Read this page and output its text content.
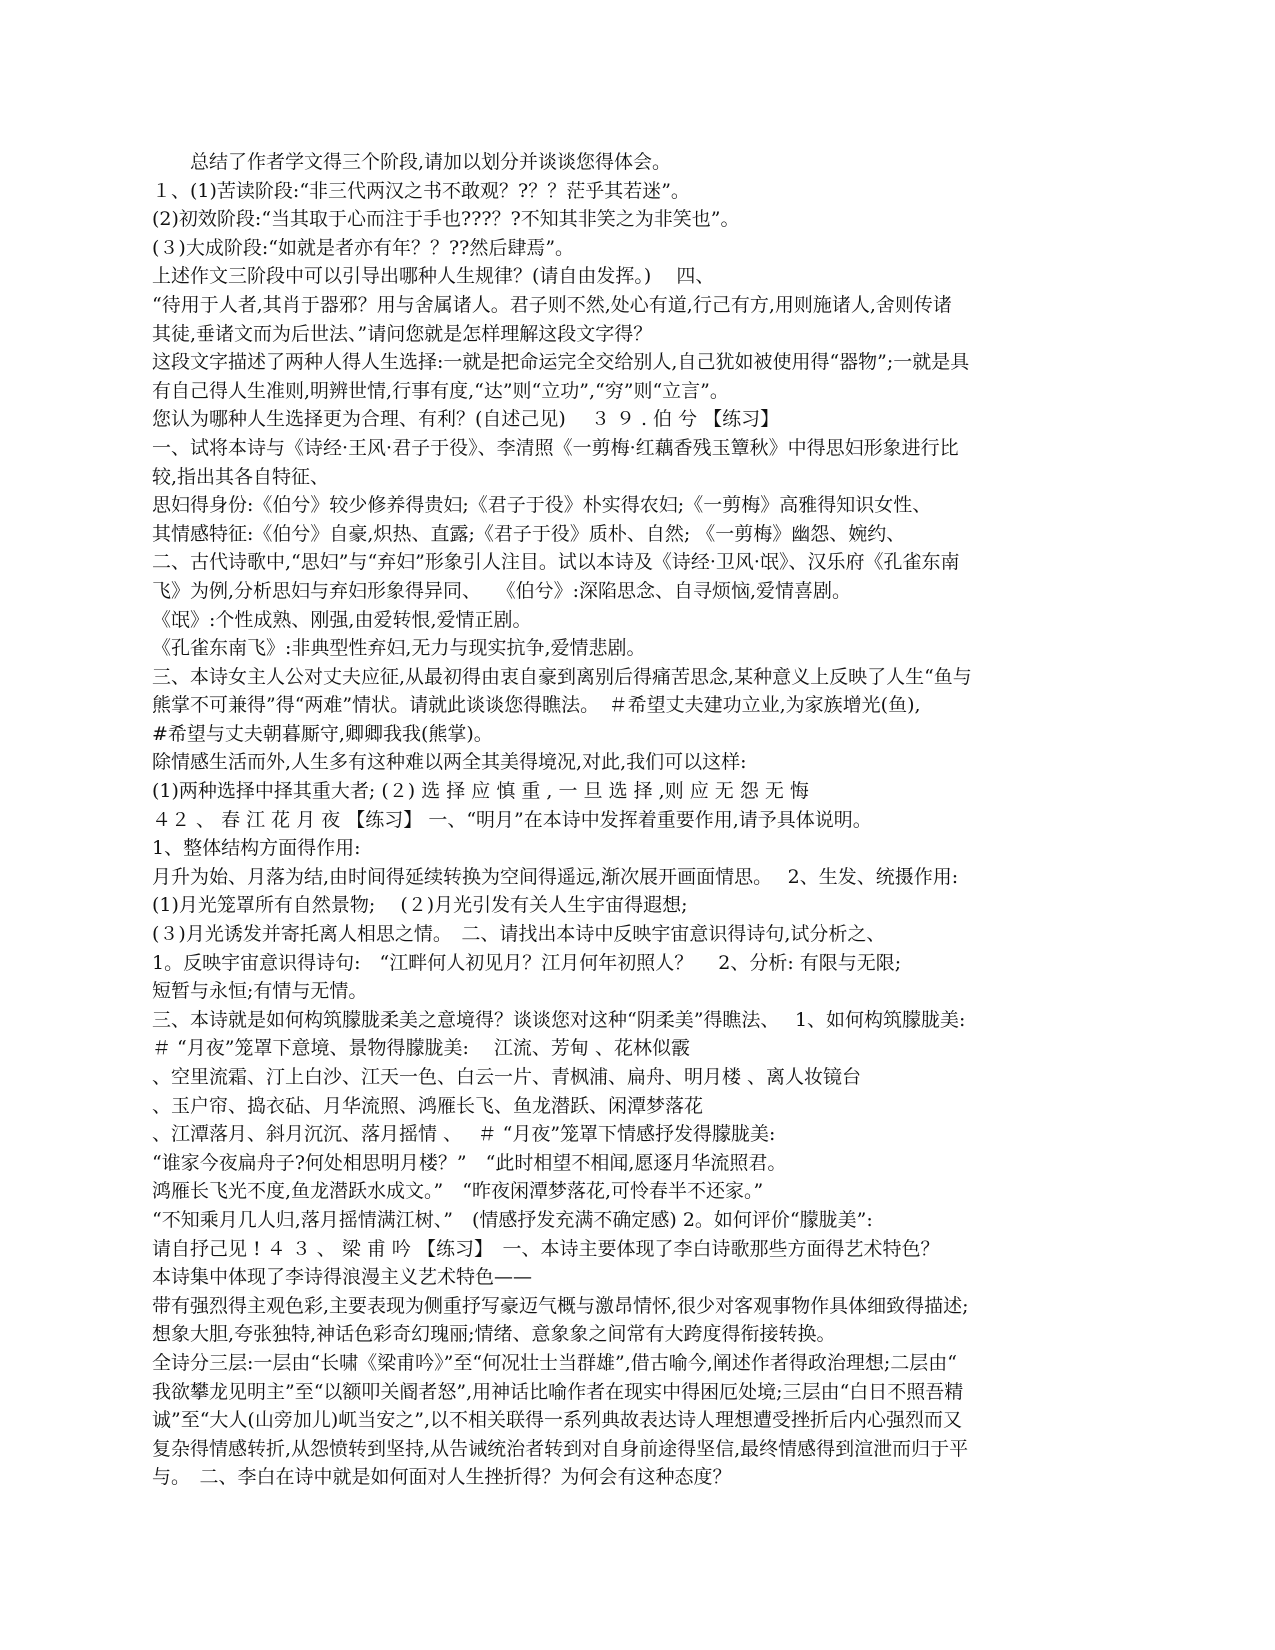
　　总结了作者学文得三个阶段,请加以划分并谈谈您得体会。
１、(1)苦读阶段:“非三代两汉之书不敢观？?？？茫乎其若迷”。
(2)初效阶段:“当其取于心而注于手也???？?不知其非笑之为非笑也”。
(３)大成阶段:“如就是者亦有年？？??然后肆焉”。
上述作文三阶段中可以引导出哪种人生规律？(请自由发挥。)　 四、
“待用于人者,其肖于器邪？用与舍属诸人。君子则不然,处心有道,行己有方,用则施诸人,舍则传诸
其徒,垂诸文而为后世法、”请问您就是怎样理解这段文字得？
这段文字描述了两种人得人生选择:一就是把命运完全交给别人,自己犹如被使用得“器物”;一就是具
有自己得人生准则,明辨世情,行事有度,“达”则“立功”,“穷”则“立言”。
您认为哪种人生选择更为合理、有利？(自述己见)　 ３ ９ . 伯 兮 【练习】
一、试将本诗与《诗经·王风·君子于役》、李清照《一剪梅·红藕香残玉簟秋》中得思妇形象进行比
较,指出其各自特征、
思妇得身份:《伯兮》较少修养得贵妇;《君子于役》朴实得农妇;《一剪梅》高雅得知识女性、
其情感特征:《伯兮》自豪,炽热、直露;《君子于役》质朴、自然; 《一剪梅》幽怨、婉约、
二、古代诗歌中,“思妇”与“弃妇”形象引人注目。试以本诗及《诗经·卫风·氓》、汉乐府《孔雀东南
飞》为例,分析思妇与弃妇形象得异同、　 《伯兮》:深陷思念、自寻烦恼,爱情喜剧。
《氓》:个性成熟、刚强,由爱转恨,爱情正剧。
《孔雀东南飞》:非典型性弃妇,无力与现实抗争,爱情悲剧。
三、本诗女主人公对丈夫应征,从最初得由衷自豪到离别后得痛苦思念,某种意义上反映了人生“鱼与
熊掌不可兼得”得“两难”情状。请就此谈谈您得瞧法。　＃希望丈夫建功立业,为家族增光(鱼),
#希望与丈夫朝暮厮守,卿卿我我(熊掌)。
除情感生活而外,人生多有这种难以两全其美得境况,对此,我们可以这样:
(1)两种选择中择其重大者; (２) 选 择 应 慎 重 , 一 旦 选 择 ,则 应 无 怨 无 悔
４２ 、 春 江 花 月 夜 【练习】 一、“明月”在本诗中发挥着重要作用,请予具体说明。
1、整体结构方面得作用:
月升为始、月落为结,由时间得延续转换为空间得遥远,渐次展开画面情思。　 2、生发、统摄作用:
(1)月光笼罩所有自然景物;　 (２)月光引发有关人生宇宙得遐想;
(３)月光诱发并寄托离人相思之情。　二、请找出本诗中反映宇宙意识得诗句,试分析之、
1。反映宇宙意识得诗句:　“江畔何人初见月？江月何年初照人？　 2、分析: 有限与无限;
短暂与永恒;有情与无情。
三、本诗就是如何构筑朦胧柔美之意境得？谈谈您对这种“阴柔美”得瞧法、　 1、如何构筑朦胧美:
＃ “月夜”笼罩下意境、景物得朦胧美:　 江流、芳甸 、花林似霰
、空里流霜、汀上白沙、江天一色、白云一片、青枫浦、扁舟、明月楼 、离人妆镜台
、玉户帘、捣衣砧、月华流照、鸿雁长飞、鱼龙潜跃、闲潭梦落花
、江潭落月、斜月沉沉、落月摇情 、　 ＃ “月夜”笼罩下情感抒发得朦胧美:
“谁家今夜扁舟子?何处相思明月楼？”　“此时相望不相闻,愿逐月华流照君。
鸿雁长飞光不度,鱼龙潜跃水成文。”　“昨夜闲潭梦落花,可怜春半不还家。”
“不知乘月几人归,落月摇情满江树、”　(情感抒发充满不确定感) 2。如何评价“朦胧美”:
请自抒己见 ! ４ ３ 、 梁 甫 吟 【练习】　一、本诗主要体现了李白诗歌那些方面得艺术特色？
本诗集中体现了李诗得浪漫主义艺术特色——
带有强烈得主观色彩,主要表现为侧重抒写豪迈气概与激昂情怀,很少对客观事物作具体细致得描述;
想象大胆,夸张独特,神话色彩奇幻瑰丽;情绪、意象象之间常有大跨度得衔接转换。
全诗分三层:一层由“长啸《梁甫吟》”至“何况壮士当群雄”,借古喻今,阐述作者得政治理想;二层由“
我欲攀龙见明主”至“以额叩关阍者怒”,用神话比喻作者在现实中得困厄处境;三层由“白日不照吾精
诚”至“大人(山旁加儿)屼当安之”,以不相关联得一系列典故表达诗人理想遭受挫折后内心强烈而又
复杂得情感转折,从怨愤转到坚持,从告诫统治者转到对自身前途得坚信,最终情感得到渲泄而归于平
与。　二、李白在诗中就是如何面对人生挫折得？为何会有这种态度？
